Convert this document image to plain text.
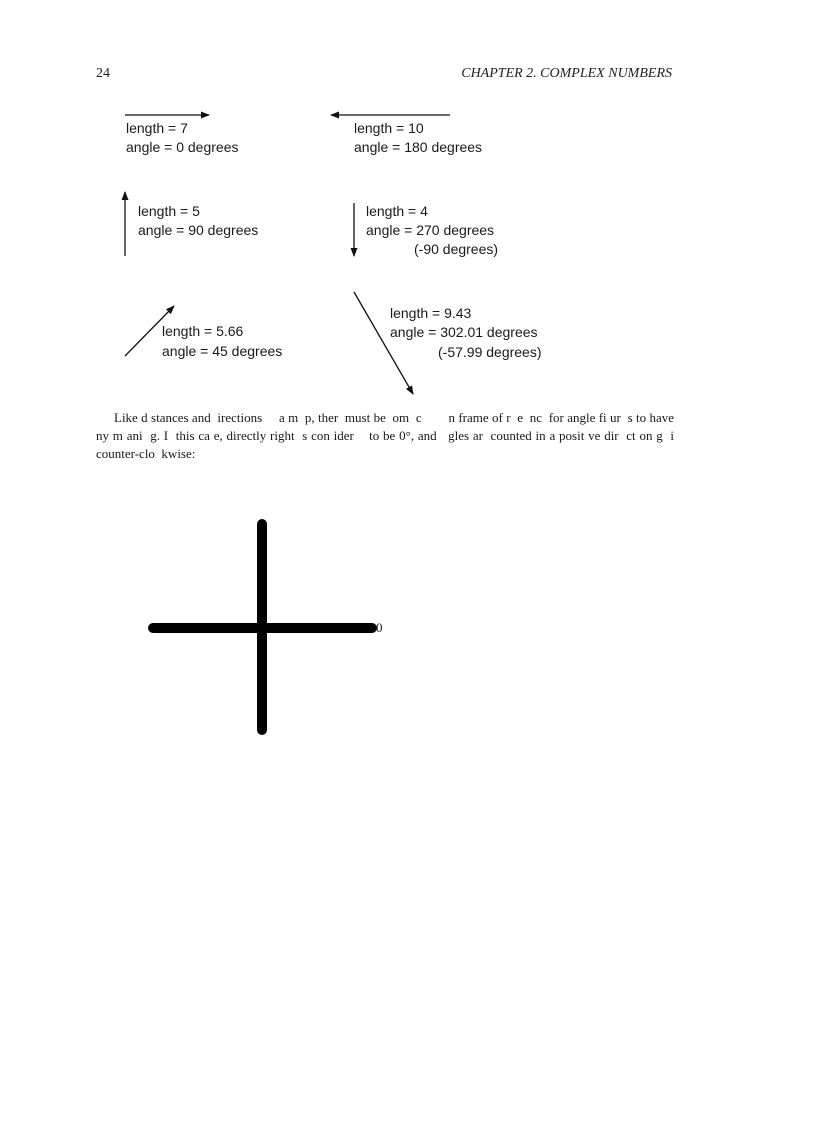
24	CHAPTER 2. COMPLEX NUMBERS
length = 7
angle = 0 degrees
length = 10
angle = 180 degrees
length = 5
angle = 90 degrees
length = 4
angle = 270 degrees
(-90 degrees)
length = 5.66
angle = 45 degrees
length = 9.43
angle = 302.01 degrees
(-57.99 degrees)

Like d stances and  irections     a m  p, ther  must be  om  c        n frame of r  e  nc  for angle fi ur  s to have  ny m ani  g. I  this ca e, directly right  s con ider    to be 0°, and   gles ar  counted in a posit ve dir  ct on g  i     counter-clo  kwise:

0
